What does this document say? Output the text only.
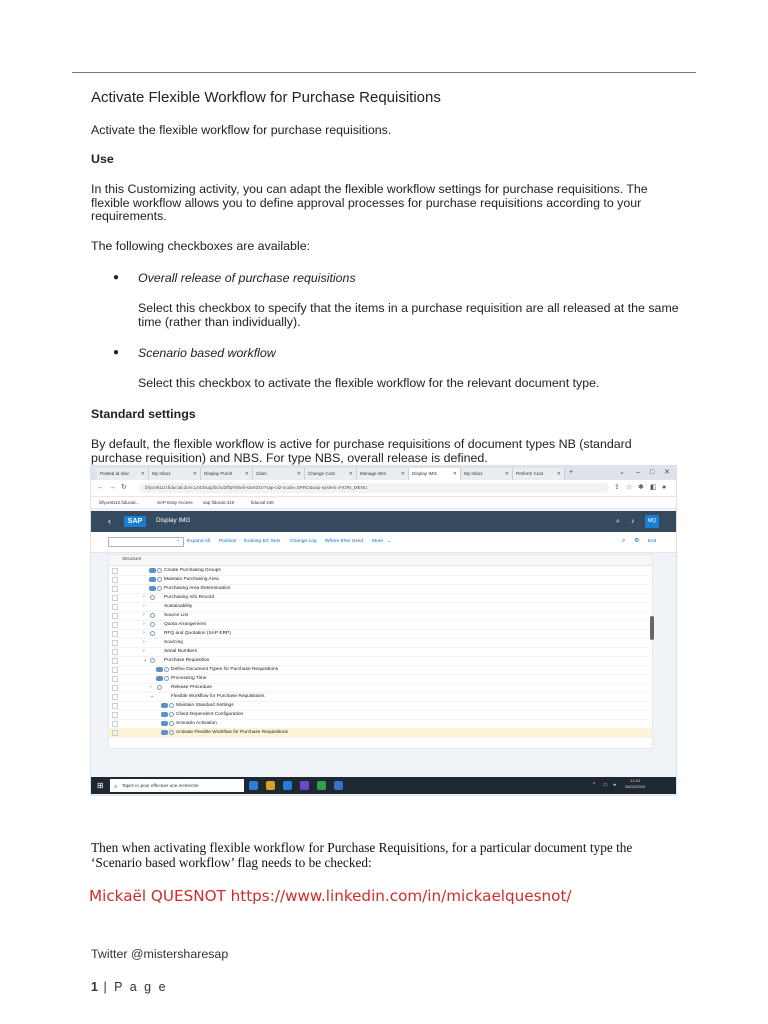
Activate Flexible Workflow for Purchase Requisitions

Activate the flexible workflow for purchase requisitions.

Use

In this Customizing activity, you can adapt the flexible workflow settings for purchase requisitions. The

flexible workflow allows you to define approval processes for purchase requisitions according to your

requirements.

The following checkboxes are available:

● Overall release of purchase requisitions

Select this checkbox to specify that the items in a purchase requisition are all released at the same

time (rather than individually).

● Scenario based workflow

Select this checkbox to activate the flexible workflow for the relevant document type.

Standard settings

By default, the flexible workflow is active for purchase requisitions of document types NB (standard

purchase requisition) and NBS. For type NBS, overall release is defined.

Posted at Idoc ✕	My Inbox	✕	Display Purch ✕	Clam	✕	Change Cust	✕	Manage Wor	✕	Display IMG	✕	My Inbox	✕	Perform Cust	✕ +	⌄ – □ ✕
← → ↻	bllyce8110.fiducial.dom:1443/sap/bc/ui2/flp#Shell-startGUI?sap-ui2-tcode=SPRO&sap-system=FIORI_MENU	⇪ ☆ ✱ ◧ ●
bllyce8110.fiducial...	SAP Easy Access sap fiducial 410	fiducial 440
‹	SAP	Display IMG	⌕ ♪	MQ
⌄ Expand All Position Existing BC Sets Change Log Where Else Used More ⌄	⌕ ⚙ Exit
Structure
Create Purchasing Groups
Maintain Purchasing Area
Purchasing Area Determination
›	Purchasing Info Record
›	Sustainability
›	Source List
›	Quota Arrangement
›	RFQ and Quotation (SAP ERP)
›	Sourcing
›	Serial Numbers
⌄	Purchase Requisition
Define Document Types for Purchase Requisitions
Processing Time
›	Release Procedure
⌄	Flexible Workflow for Purchase Requisitions
Maintain Standard Settings
Client-Dependent Configuration
Scenario Activation
Activate Flexible Workflow for Purchase Requisitions
⊞ ⌕ Tapez ici pour effectuer une recherche	^ ▭ ◂
11:34
28/02/2023

Then when activating flexible workflow for Purchase Requisitions, for a particular document type the

‘Scenario based workflow’ flag needs to be checked:

Mickaël QUESNOT https://www.linkedin.com/in/mickaelquesnot/

Twitter @mistersharesap

1 | P a g e
